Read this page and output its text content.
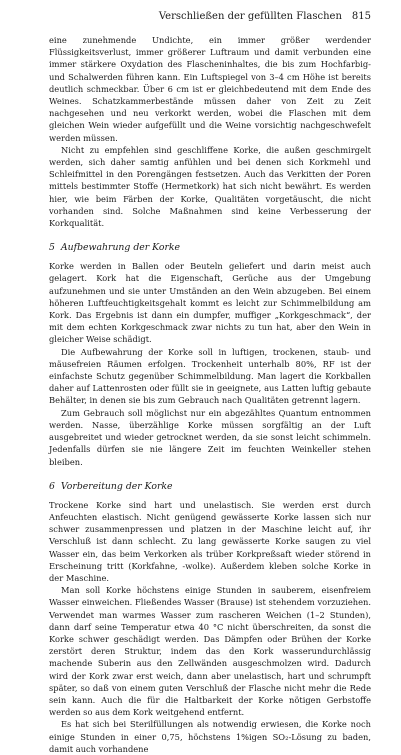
Verschließen der gefüllten Flaschen 815

eine zunehmende Undichte, ein immer größer werdender Flüssigkeitsverlust, immer größerer Luftraum und damit verbunden eine immer stärkere Oxydation des Flascheninhaltes, die bis zum Hochfarbig- und Schalwerden führen kann. Ein Luftspiegel von 3–4 cm Höhe ist bereits deutlich schmeckbar. Über 6 cm ist er gleichbedeutend mit dem Ende des Weines. Schatzkammerbestände müssen daher von Zeit zu Zeit nachgesehen und neu verkorkt werden, wobei die Flaschen mit dem gleichen Wein wieder aufgefüllt und die Weine vorsichtig nachgeschwefelt werden müssen.

Nicht zu empfehlen sind geschliffene Korke, die außen geschmirgelt werden, sich daher samtig anfühlen und bei denen sich Korkmehl und Schleifmittel in den Porengängen festsetzen. Auch das Verkitten der Poren mittels bestimmter Stoffe (Hermetkork) hat sich nicht bewährt. Es werden hier, wie beim Färben der Korke, Qualitäten vorgetäuscht, die nicht vorhanden sind. Solche Maßnahmen sind keine Verbesserung der Korkqualität.

5 Aufbewahrung der Korke

Korke werden in Ballen oder Beuteln geliefert und darin meist auch gelagert. Kork hat die Eigenschaft, Gerüche aus der Umgebung aufzunehmen und sie unter Umständen an den Wein abzugeben. Bei einem höheren Luftfeuchtigkeitsgehalt kommt es leicht zur Schimmelbildung am Kork. Das Ergebnis ist dann ein dumpfer, muffiger „Korkgeschmack“, der mit dem echten Korkgeschmack zwar nichts zu tun hat, aber den Wein in gleicher Weise schädigt.

Die Aufbewahrung der Korke soll in luftigen, trockenen, staub- und mäusefreien Räumen erfolgen. Trockenheit unterhalb 80%, RF ist der einfachste Schutz gegenüber Schimmelbildung. Man lagert die Korkballen daher auf Lattenrosten oder füllt sie in geeignete, aus Latten luftig gebaute Behälter, in denen sie bis zum Gebrauch nach Qualitäten getrennt lagern.

Zum Gebrauch soll möglichst nur ein abgezähltes Quantum entnommen werden. Nasse, überzählige Korke müssen sorgfältig an der Luft ausgebreitet und wieder getrocknet werden, da sie sonst leicht schimmeln. Jedenfalls dürfen sie nie längere Zeit im feuchten Weinkeller stehen bleiben.

6 Vorbereitung der Korke

Trockene Korke sind hart und unelastisch. Sie werden erst durch Anfeuchten elastisch. Nicht genügend gewässerte Korke lassen sich nur schwer zusammenpressen und platzen in der Maschine leicht auf, ihr Verschluß ist dann schlecht. Zu lang gewässerte Korke saugen zu viel Wasser ein, das beim Verkorken als trüber Korkpreßsaft wieder störend in Erscheinung tritt (Korkfahne, -wolke). Außerdem kleben solche Korke in der Maschine.

Man soll Korke höchstens einige Stunden in sauberem, eisenfreiem Wasser einweichen. Fließendes Wasser (Brause) ist stehendem vorzuziehen. Verwendet man warmes Wasser zum rascheren Weichen (1–2 Stunden), dann darf seine Temperatur etwa 40 °C nicht überschreiten, da sonst die Korke schwer geschädigt werden. Das Dämpfen oder Brühen der Korke zerstört deren Struktur, indem das den Kork wasserundurchlässig machende Suberin aus den Zellwänden ausgeschmolzen wird. Dadurch wird der Kork zwar erst weich, dann aber unelastisch, hart und schrumpft später, so daß von einem guten Verschluß der Flasche nicht mehr die Rede sein kann. Auch die für die Haltbarkeit der Korke nötigen Gerbstoffe werden so aus dem Kork weitgehend entfernt.

Es hat sich bei Sterilfüllungen als notwendig erwiesen, die Korke noch einige Stunden in einer 0,75, höchstens 1%igen SO₂-Lösung zu baden, damit auch vorhandene
